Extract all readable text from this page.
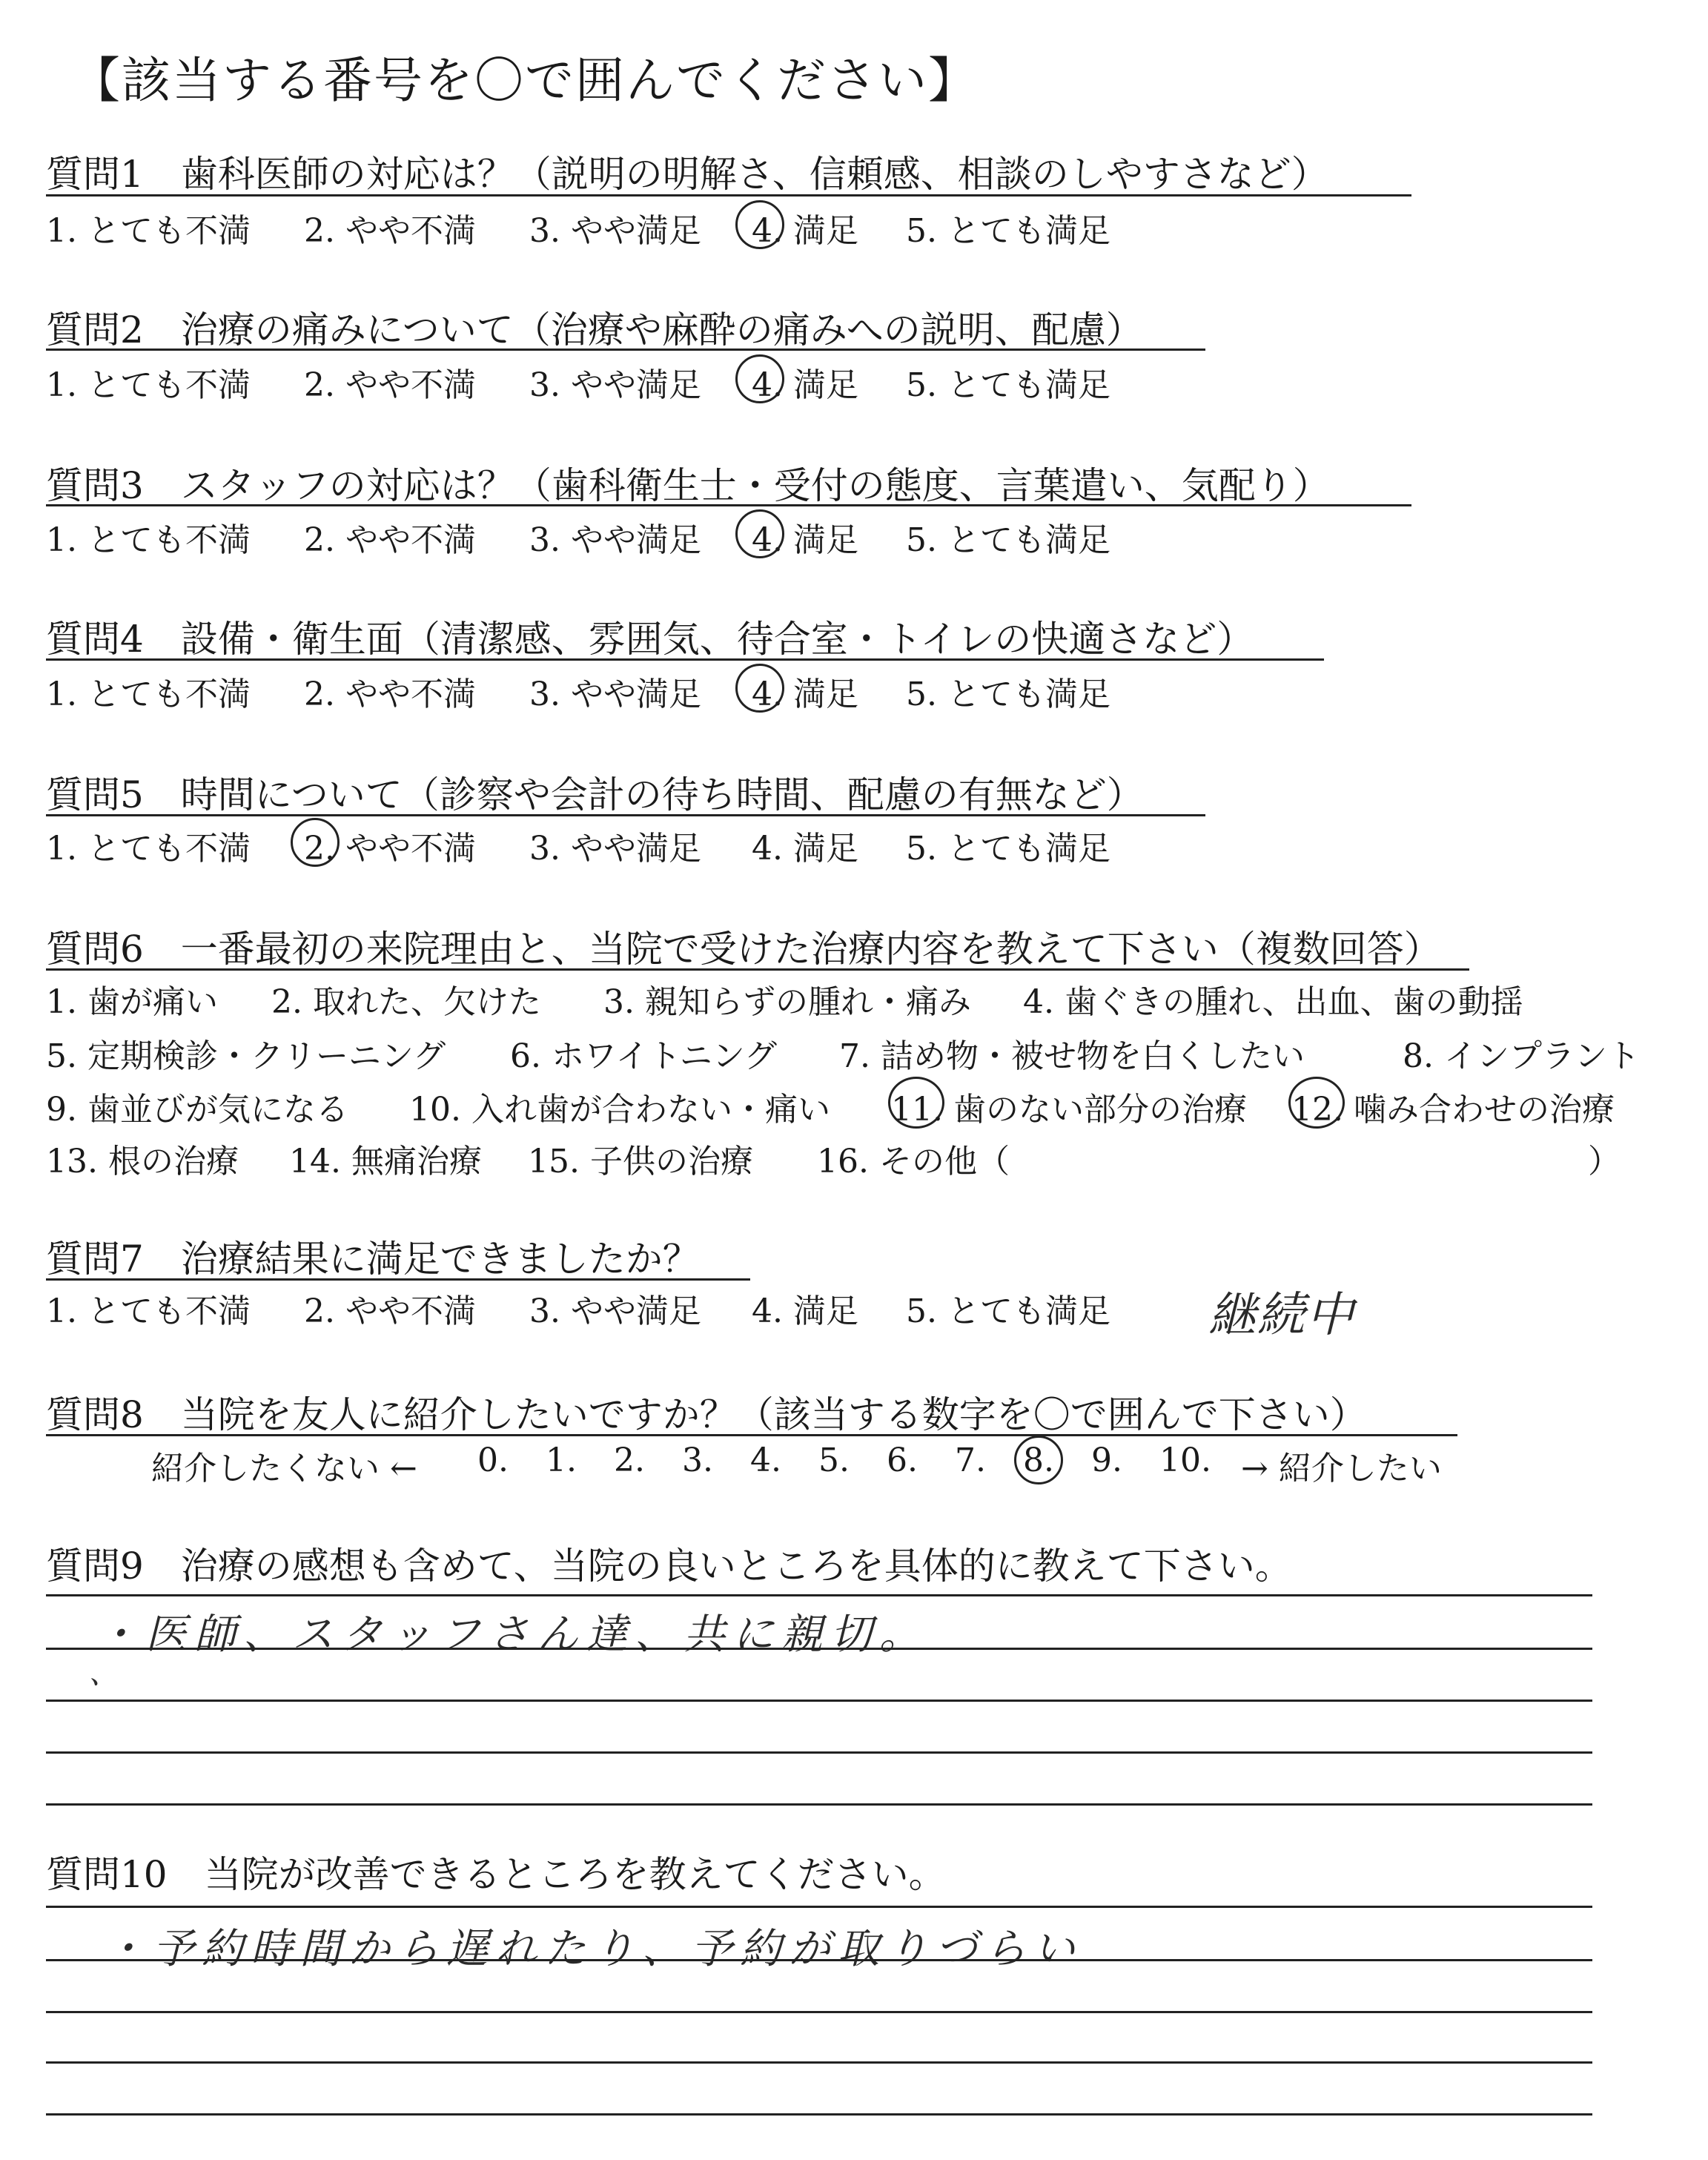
【該当する番号を〇で囲んでください】
質問1　歯科医師の対応は？（説明の明解さ、信頼感、相談のしやすさなど）
1. とても不満 2. やや不満 3. やや満足 4. 満足 5. とても満足
質問2　治療の痛みについて（治療や麻酔の痛みへの説明、配慮）
1. とても不満 2. やや不満 3. やや満足 4. 満足 5. とても満足
質問3　スタッフの対応は？（歯科衛生士・受付の態度、言葉遣い、気配り）
1. とても不満 2. やや不満 3. やや満足 4. 満足 5. とても満足
質問4　設備・衛生面（清潔感、雰囲気、待合室・トイレの快適さなど）
1. とても不満 2. やや不満 3. やや満足 4. 満足 5. とても満足
質問5　時間について（診察や会計の待ち時間、配慮の有無など）
1. とても不満 2. やや不満 3. やや満足 4. 満足 5. とても満足
質問6　一番最初の来院理由と、当院で受けた治療内容を教えて下さい（複数回答）
1. 歯が痛い 2. 取れた、欠けた 3. 親知らずの腫れ・痛み 4. 歯ぐきの腫れ、出血、歯の動揺
5. 定期検診・クリーニング 6. ホワイトニング 7. 詰め物・被せ物を白くしたい	8. インプラント
9. 歯並びが気になる 10. 入れ歯が合わない・痛い 11. 歯のない部分の治療 12. 噛み合わせの治療
13. 根の治療 14. 無痛治療 15. 子供の治療 16. その他（	）
質問7　治療結果に満足できましたか？
1. とても不満 2. やや不満 3. やや満足 4. 満足 5. とても満足 継続中
質問8　当院を友人に紹介したいですか？（該当する数字を〇で囲んで下さい）
紹介したくない ← 0. 1. 2. 3. 4. 5. 6. 7. 8. 9. 10. → 紹介したい
質問9　治療の感想も含めて、当院の良いところを具体的に教えて下さい。
・医師、スタッフさん達、共に親切。
、
質問10　当院が改善できるところを教えてください。
・予約時間から遅れたり、予約が取りづらい
